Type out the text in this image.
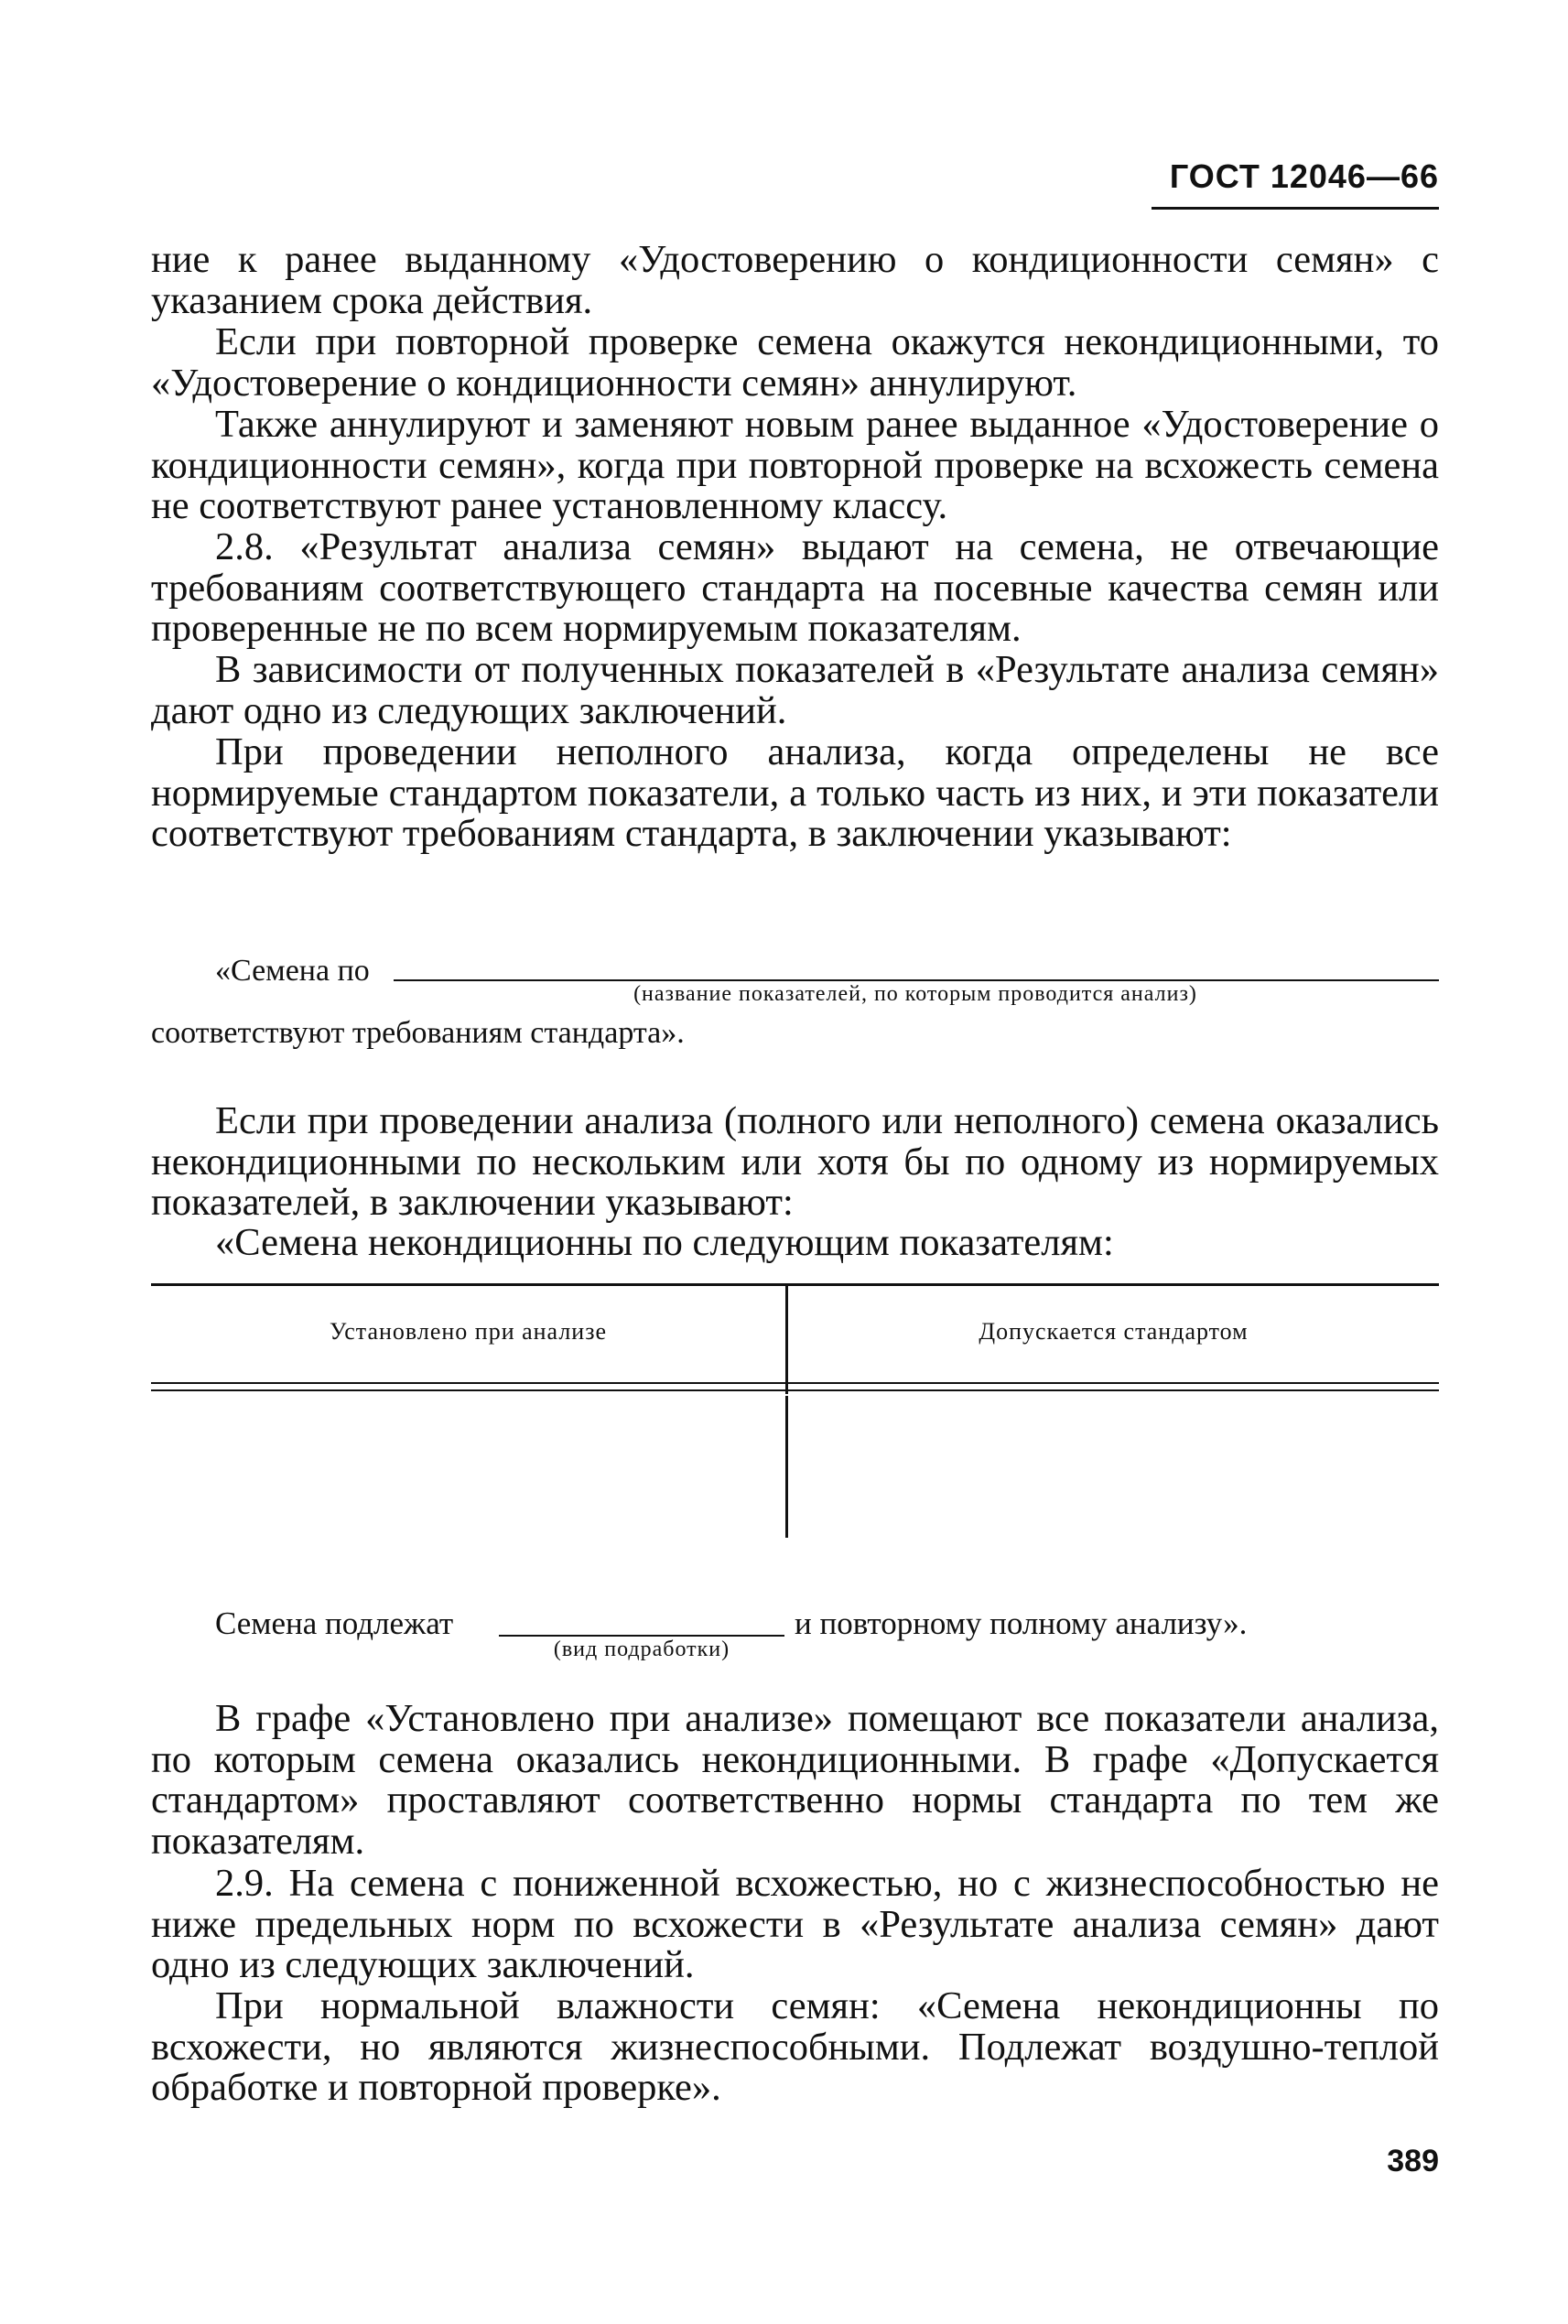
ГОСТ 12046—66

ние к ранее выданному «Удостоверению о кондиционности семян» с указанием срока действия.

Если при повторной проверке семена окажутся некондиционными, то «Удостоверение о кондиционности семян» аннулируют.

Также аннулируют и заменяют новым ранее выданное «Удостоверение о кондиционности семян», когда при повторной проверке на всхожесть семена не соответствуют ранее установленному классу.

2.8. «Результат анализа семян» выдают на семена, не отвечающие требованиям соответствующего стандарта на посевные качества семян или проверенные не по всем нормируемым показателям.

В зависимости от полученных показателей в «Результате анализа семян» дают одно из следующих заключений.

При проведении неполного анализа, когда определены не все нормируемые стандартом показатели, а только часть из них, и эти показатели соответствуют требованиям стандарта, в заключении указывают:

«Семена по
(название показателей, по которым проводится анализ)
соответствуют требованиям стандарта».

Если при проведении анализа (полного или неполного) семена оказались некондиционными по нескольким или хотя бы по одному из нормируемых показателей, в заключении указывают:

«Семена некондиционны по следующим показателям:

Установлено при анализе	Допускается стандартом
Семена подлежат
(вид подработки)
и повторному полному анализу».

В графе «Установлено при анализе» помещают все показатели анализа, по которым семена оказались некондиционными. В графе «Допускается стандартом» проставляют соответственно нормы стандарта по тем же показателям.

2.9. На семена с пониженной всхожестью, но с жизнеспособностью не ниже предельных норм по всхожести в «Результате анализа семян» дают одно из следующих заключений.

При нормальной влажности семян: «Семена некондиционны по всхожести, но являются жизнеспособными. Подлежат воздушно-теплой обработке и повторной проверке».

389
